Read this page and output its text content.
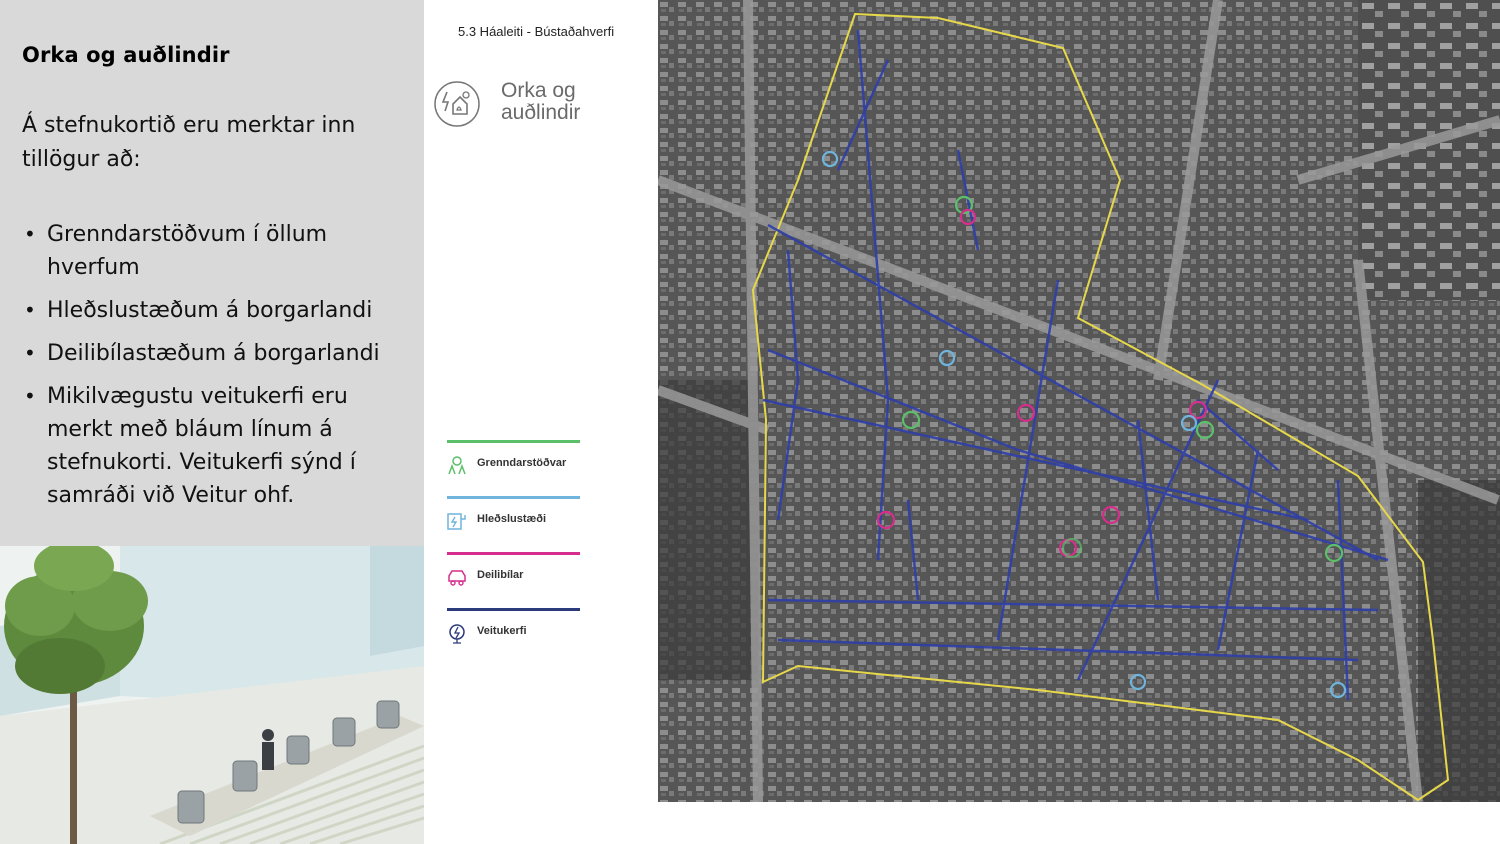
Orka og auðlindir
Á stefnukortið eru merktar inn tillögur að:
• Grenndarstöðvum í öllum hverfum
• Hleðslustæðum á borgarlandi
• Deilibílastæðum á borgarlandi
• Mikilvægustu veitukerfi eru merkt með bláum línum á stefnukorti. Veitukerfi sýnd í samráði við Veitur ohf.
5.3 Háaleiti - Bústaðahverfi
Orka og auðlindir
Grenndarstöðvar
Hleðslustæði
Deilibílar
Veitukerfi
